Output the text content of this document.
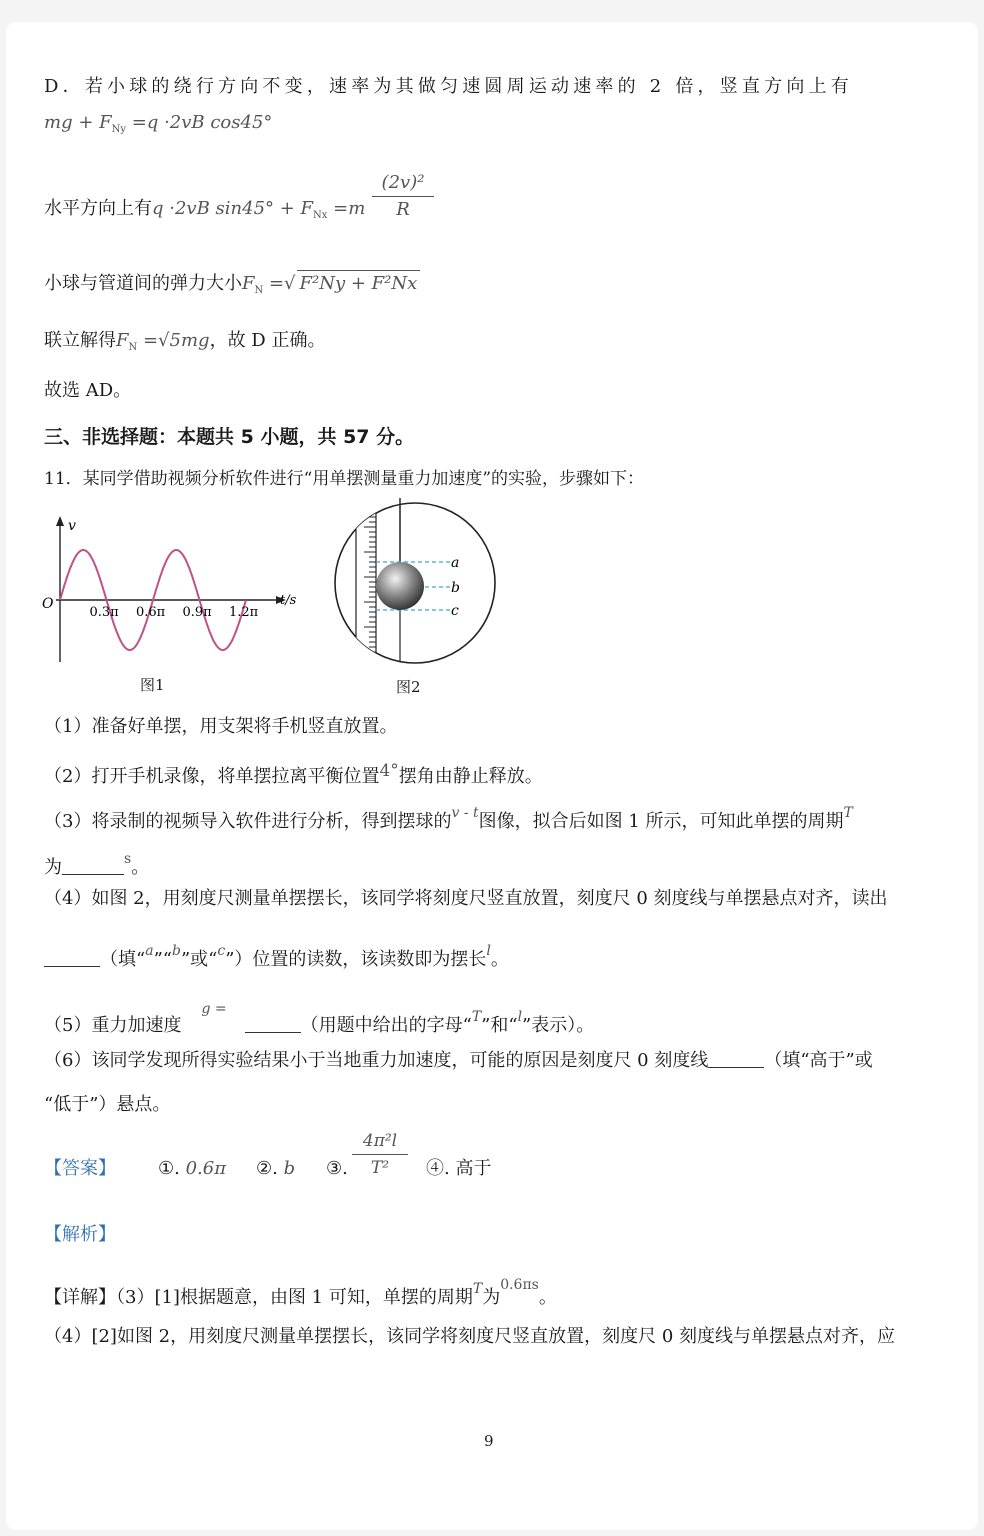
D．若小球的绕行方向不变，速率为其做匀速圆周运动速率的 2 倍，竖直方向上有
mg + $F_{Ny} =q \cdot 2vB$ cos45°
水平方向上有q ·2vB $\sin 45^\circ + F_{Nx} =m$
(2v)²
R
小球与管道间的弹力大小$F_N$ =√ F²Ny + F²Nx
联立解得$F_N =√5mg$，故 D 正确。
故选 AD。
三、非选择题：本题共 5 小题，共 57 分。
11．某同学借助视频分析软件进行“用单摆测量重力加速度”的实验，步骤如下：
v
t/s
O
0.3π 0.6π 0.9π 1.2π
图1
a
b
c
图2
（1）准备好单摆，用支架将手机竖直放置。
（2）打开手机录像，将单摆拉离平衡位置4°摆角由静止释放。
（3）将录制的视频导入软件进行分析，得到摆球的$^{v - t}$图像，拟合后如图 1 所示，可知此单摆的周期$^T$
为	$^s$。
（4）如图 2，用刻度尺测量单摆摆长，该同学将刻度尺竖直放置，刻度尺 0 刻度线与单摆悬点对齐，读出
（填“$^a$”“$^b$”或“$^c$”）位置的读数，该读数即为摆长$^l$。
（5）重力加速度$^{g =}$（用题中给出的字母“$^T$”和“$^l$”表示）。
（6）该同学发现所得实验结果小于当地重力加速度，可能的原因是刻度尺 0 刻度线	（填“高于”或
“低于”）悬点。
【答案】 ①. 0.6π ②. b ③.
4π²l
T²	④. 高于
【解析】
【详解】（3）[1]根据题意，由图 1 可知，单摆的周期$^T$为$^{0.6\pi s}$。
（4）[2]如图 2，用刻度尺测量单摆摆长，该同学将刻度尺竖直放置，刻度尺 0 刻度线与单摆悬点对齐，应
9
